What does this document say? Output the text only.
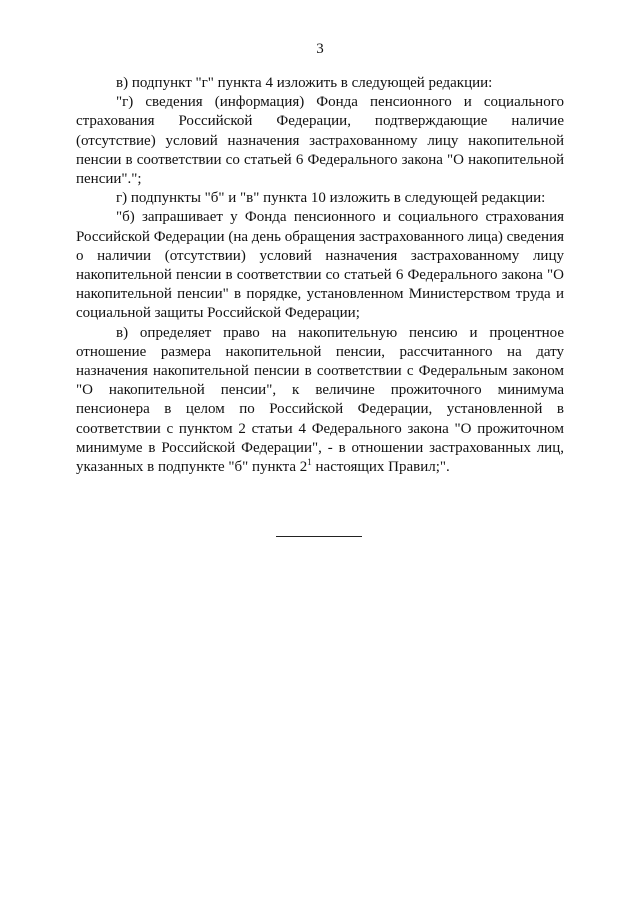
3

в) подпункт "г" пункта 4 изложить в следующей редакции:

"г) сведения (информация) Фонда пенсионного и социального страхования Российской Федерации, подтверждающие наличие (отсутствие) условий назначения застрахованному лицу накопительной пенсии в соответствии со статьей 6 Федерального закона "О накопительной пенсии".";

г) подпункты "б" и "в" пункта 10 изложить в следующей редакции:

"б) запрашивает у Фонда пенсионного и социального страхования Российской Федерации (на день обращения застрахованного лица) сведения о наличии (отсутствии) условий назначения застрахованному лицу накопительной пенсии в соответствии со статьей 6 Федерального закона "О накопительной пенсии" в порядке, установленном Министерством труда и социальной защиты Российской Федерации;

в) определяет право на накопительную пенсию и процентное отношение размера накопительной пенсии, рассчитанного на дату назначения накопительной пенсии в соответствии с Федеральным законом "О накопительной пенсии", к величине прожиточного минимума пенсионера в целом по Российской Федерации, установленной в соответствии с пунктом 2 статьи 4 Федерального закона "О прожиточном минимуме в Российской Федерации", - в отношении застрахованных лиц, указанных в подпункте "б" пункта $2^1$ настоящих Правил;".
